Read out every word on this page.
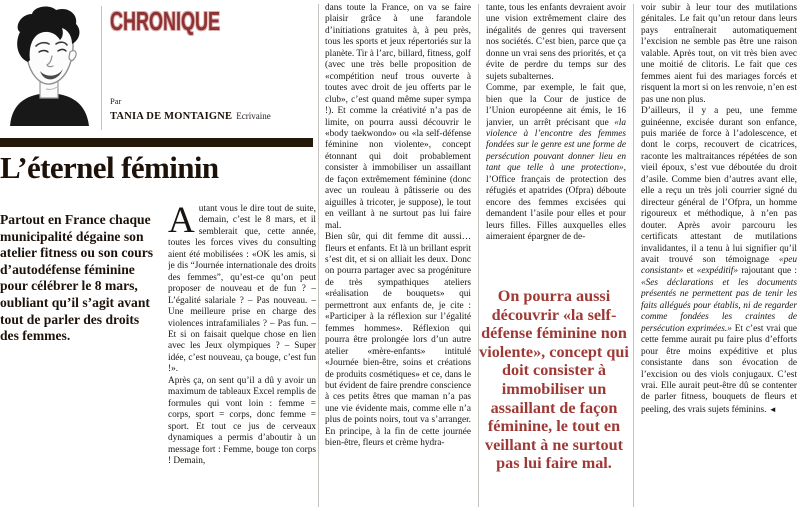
CHRONIQUE
Par
TANIA DE MONTAIGNE Ecrivaine
L’éternel féminin
Partout en France chaque municipalité dégaine son atelier fitness ou son cours d’autodéfense féminine pour célébrer le 8 mars, oubliant qu’il s’agit avant tout de parler des droits des femmes.

Autant vous le dire tout de suite, demain, c’est le 8 mars, et il semblerait que, cette année, toutes les forces vives du consulting aient été mobilisées : «OK les amis, si je dis “Journée internationale des droits des femmes”, qu’est-ce qu’on peut proposer de nouveau et de fun ? – L’égalité salariale ? – Pas nouveau. – Une meilleure prise en charge des violences intrafamiliales ? – Pas fun. – Et si on faisait quelque chose en lien avec les Jeux olympiques ? – Super idée, c’est nouveau, ça bouge, c’est fun !».

Après ça, on sent qu’il a dû y avoir un maximum de tableaux Excel remplis de formules qui vont loin : femme = corps, sport = corps, donc femme = sport. Et tout ce jus de cerveaux dynamiques a permis d’aboutir à un message fort : Femme, bouge ton corps ! Demain,

dans toute la France, on va se faire plaisir grâce à une farandole d’initiations gratuites à, à peu près, tous les sports et jeux répertoriés sur la planète. Tir à l’arc, billard, fitness, golf (avec une très belle proposition de «compétition neuf trous ouverte à toutes avec droit de jeu offerts par le club», c’est quand même super sympa !). Et comme la créativité n’a pas de limite, on pourra aussi découvrir le «body taekwondo» ou «la self-défense féminine non violente», concept étonnant qui doit probablement consister à immobiliser un assaillant de façon extrêmement féminine (donc avec un rouleau à pâtisserie ou des aiguilles à tricoter, je suppose), le tout en veillant à ne surtout pas lui faire mal.

Bien sûr, qui dit femme dit aussi… fleurs et enfants. Et là un brillant esprit s’est dit, et si on alliait les deux. Donc on pourra partager avec sa progéniture de très sympathiques ateliers «réalisation de bouquets» qui permettront aux enfants de, je cite : «Participer à la réflexion sur l’égalité femmes hommes». Réflexion qui pourra être prolongée lors d’un autre atelier «mère-enfants» intitulé «Journée bien-être, soins et créations de produits cosmétiques» et ce, dans le but évident de faire prendre conscience à ces petits êtres que maman n’a pas une vie évidente mais, comme elle n’a plus de points noirs, tout va s’arranger. En principe, à la fin de cette journée bien-être, fleurs et crème hydra-

tante, tous les enfants devraient avoir une vision extrêmement claire des inégalités de genres qui traversent nos sociétés. C’est bien, parce que ça donne un vrai sens des priorités, et ça évite de perdre du temps sur des sujets subalternes.

Comme, par exemple, le fait que, bien que la Cour de justice de l’Union européenne ait émis, le 16 janvier, un arrêt précisant que «la violence à l’encontre des femmes fondées sur le genre est une forme de persécution pouvant donner lieu en tant que telle à une protection», l’Office français de protection des réfugiés et apatrides (Ofpra) déboute encore des femmes excisées qui demandent l’asile pour elles et pour leurs filles. Filles auxquelles elles aimeraient épargner de de-

On pourra aussi découvrir «la self-défense féminine non violente», concept qui doit consister à immobiliser un assaillant de façon féminine, le tout en veillant à ne surtout pas lui faire mal.

voir subir à leur tour des mutilations génitales. Le fait qu’un retour dans leurs pays entraînerait automatiquement l’excision ne semble pas être une raison valable. Après tout, on vit très bien avec une moitié de clitoris. Le fait que ces femmes aient fui des mariages forcés et risquent la mort si on les renvoie, n’en est pas une non plus.

D’ailleurs, il y a peu, une femme guinéenne, excisée durant son enfance, puis mariée de force à l’adolescence, et dont le corps, recouvert de cicatrices, raconte les maltraitances répétées de son vieil époux, s’est vue déboutée du droit d’asile. Comme bien d’autres avant elle, elle a reçu un très joli courrier signé du directeur général de l’Ofpra, un homme rigoureux et méthodique, à n’en pas douter. Après avoir parcouru les certificats attestant de mutilations invalidantes, il a tenu à lui signifier qu’il avait trouvé son témoignage «peu consistant» et «expéditif» rajoutant que : «Ses déclarations et les documents présentés ne permettent pas de tenir les faits allégués pour établis, ni de regarder comme fondées les craintes de persécution exprimées.» Et c’est vrai que cette femme aurait pu faire plus d’efforts pour être moins expéditive et plus consistante dans son évocation de l’excision ou des viols conjugaux. C’est vrai. Elle aurait peut-être dû se contenter de parler fitness, bouquets de fleurs et peeling, des vrais sujets féminins. ◄
